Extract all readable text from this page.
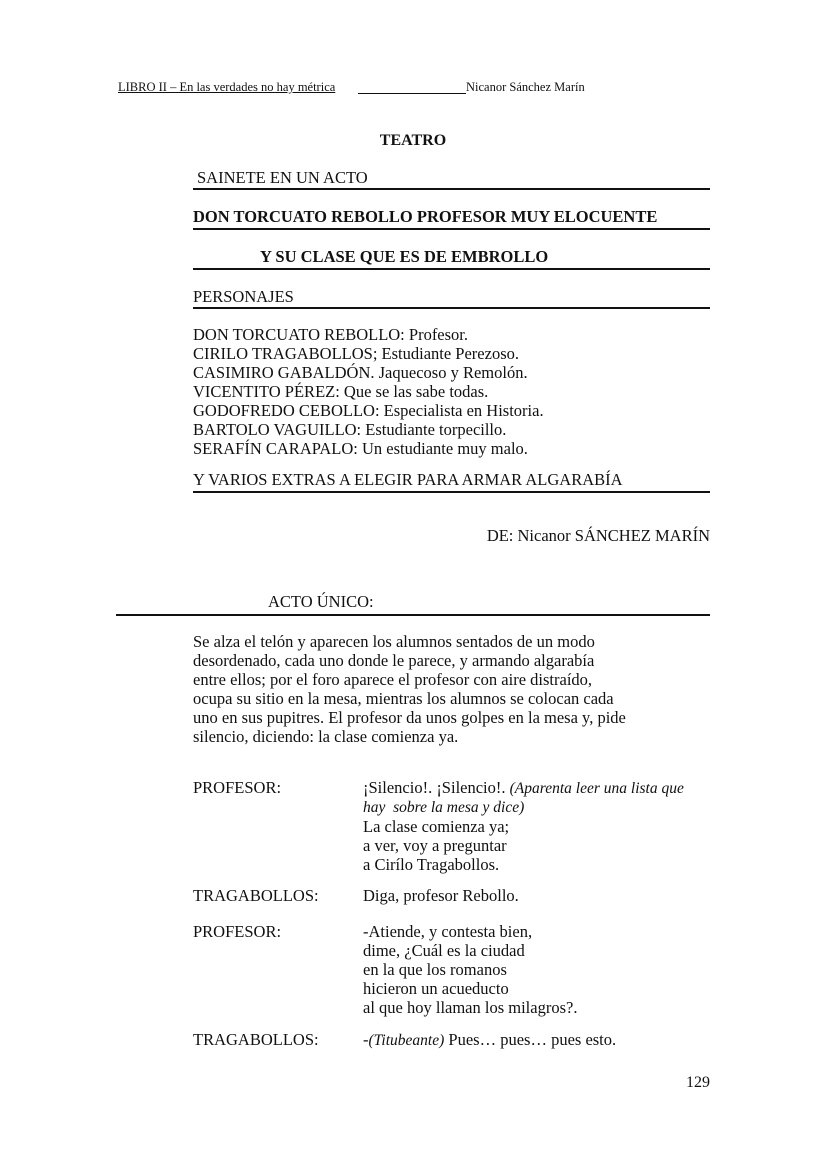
LIBRO II – En las verdades no hay métrica	Nicanor Sánchez Marín
TEATRO
SAINETE EN UN ACTO
DON TORCUATO REBOLLO PROFESOR MUY ELOCUENTE
Y SU CLASE QUE ES DE EMBROLLO
PERSONAJES
DON TORCUATO REBOLLO: Profesor.
CIRILO TRAGABOLLOS; Estudiante Perezoso.
CASIMIRO GABALDÓN. Jaquecoso y Remolón.
VICENTITO PÉREZ: Que se las sabe todas.
GODOFREDO CEBOLLO: Especialista en Historia.
BARTOLO VAGUILLO: Estudiante torpecillo.
SERAFÍN CARAPALO: Un estudiante muy malo.
Y VARIOS EXTRAS A ELEGIR PARA ARMAR ALGARABÍA
DE: Nicanor SÁNCHEZ MARÍN
ACTO ÚNICO:
Se alza el telón y aparecen los alumnos sentados de un modo
desordenado, cada uno donde le parece, y armando algarabía
entre ellos; por el foro aparece el profesor con aire distraído,
ocupa su sitio en la mesa, mientras los alumnos se colocan cada
uno en sus pupitres. El profesor da unos golpes en la mesa y, pide
silencio, diciendo: la clase comienza ya.
PROFESOR:	¡Silencio!. ¡Silencio!. (Aparenta leer una lista que
hay  sobre la mesa y dice)
La clase comienza ya;
a ver, voy a preguntar
a Cirílo Tragabollos.
TRAGABOLLOS:	Diga, profesor Rebollo.
PROFESOR:	-Atiende, y contesta bien,
dime, ¿Cuál es la ciudad
en la que los romanos
hicieron un acueducto
al que hoy llaman los milagros?.
TRAGABOLLOS:	-(Titubeante) Pues… pues… pues esto.
129
